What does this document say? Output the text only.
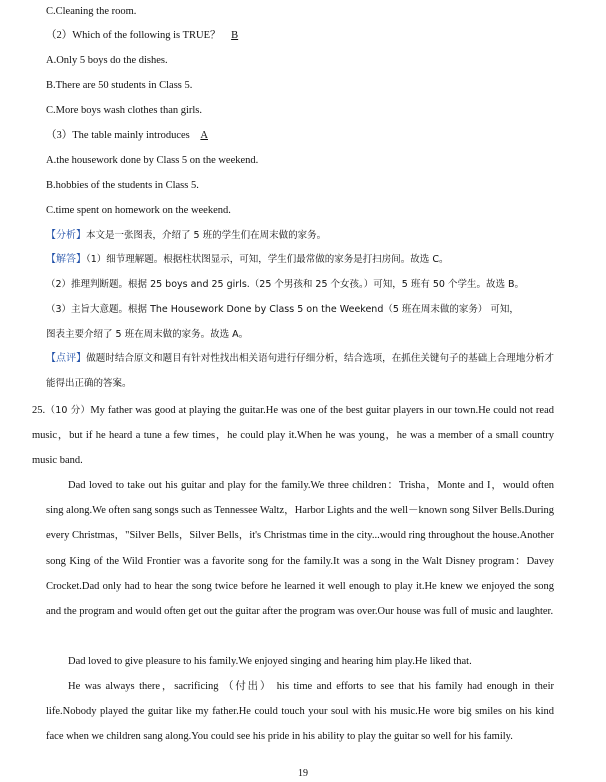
C.Cleaning the room.
（2）Which of the following is TRUE？ B
A.Only 5 boys do the dishes.
B.There are 50 students in Class 5.
C.More boys wash clothes than girls.
（3）The table mainly introduces A
A.the housework done by Class 5 on the weekend.
B.hobbies of the students in Class 5.
C.time spent on homework on the weekend.
【分析】本文是一张图表，介绍了 5 班的学生们在周末做的家务。
【解答】（1）细节理解题。根据柱状图显示，可知，学生们最常做的家务是打扫房间。故选 C。
（2）推理判断题。根据 25 boys and 25 girls.（25 个男孩和 25 个女孩。）可知，5 班有 50 个学生。故选 B。
（3）主旨大意题。根据 The Housework Done by Class 5 on the Weekend（5 班在周末做的家务） 可知，
图表主要介绍了 5 班在周末做的家务。故选 A。
【点评】做题时结合原文和题目有针对性找出相关语句进行仔细分析，结合选项，在抓住关键句子的基础上合理地分析才能得出正确的答案。
25.（10 分）My father was good at playing the guitar.He was one of the best guitar players in our town.He could not read music，but if he heard a tune a few times，he could play it.When he was young，he was a member of a small country music band.
Dad loved to take out his guitar and play for the family.We three children：Trisha，Monte and I，would often sing along.We often sang songs such as Tennessee Waltz，Harbor Lights and the well－known song Silver Bells.During every Christmas，"Silver Bells，Silver Bells，it's Christmas time in the city...would ring throughout the house.Another song King of the Wild Frontier was a favorite song for the family.It was a song in the Walt Disney program：Davey Crocket.Dad only had to hear the song twice before he learned it well enough to play it.He knew we enjoyed the song and the program and would often get out the guitar after the program was over.Our house was full of music and laughter.
Dad loved to give pleasure to his family.We enjoyed singing and hearing him play.He liked that.
He was always there，sacrificing （付出） his time and efforts to see that his family had enough in their life.Nobody played the guitar like my father.He could touch your soul with his music.He wore big smiles on his kind face when we children sang along.You could see his pride in his ability to play the guitar so well for his family.
19
